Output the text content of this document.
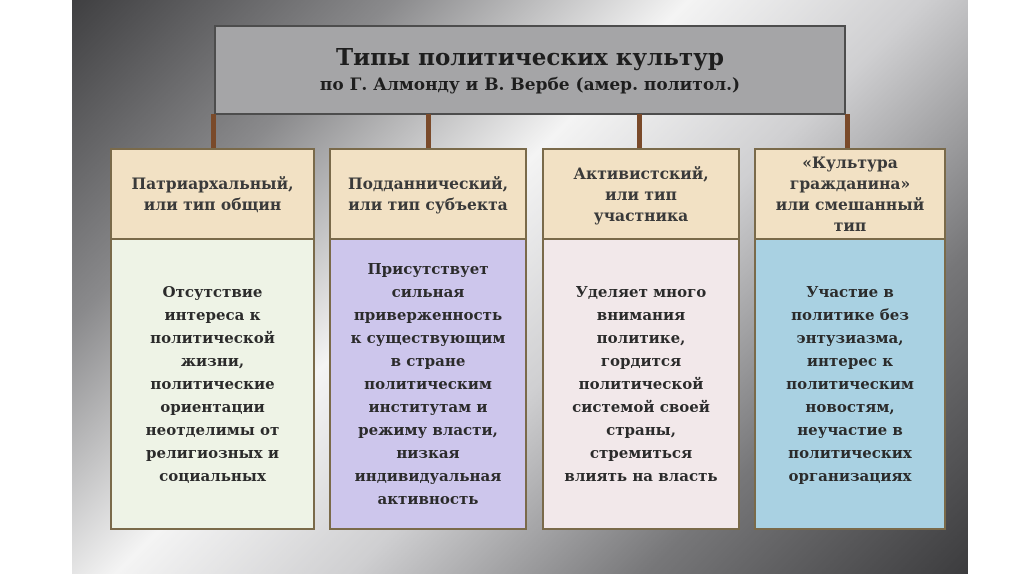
Типы политических культур
по Г. Алмонду и В. Вербе (амер. политол.)
Патриархальный,
или тип общин
Отсутствие
интереса к
политической
жизни,
политические
ориентации
неотделимы от
религиозных и
социальных
Подданнический,
или тип субъекта
Присутствует
сильная
приверженность
к существующим
в стране
политическим
институтам и
режиму власти,
низкая
индивидуальная
активность
Активистский,
или тип
участника
Уделяет много
внимания
политике,
гордится
политической
системой своей
страны,
стремиться
влиять на власть
«Культура
гражданина»
или смешанный
тип
Участие в
политике без
энтузиазма,
интерес к
политическим
новостям,
неучастие в
политических
организациях
